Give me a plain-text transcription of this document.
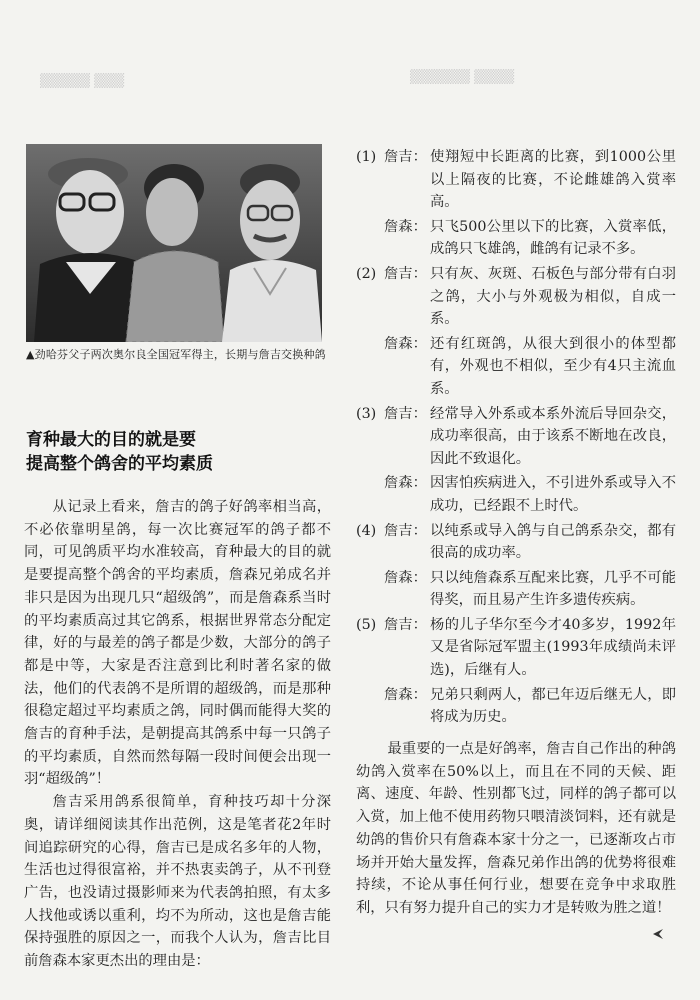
▒▒▒▒ ▒▒▒▒▒▒
▒▒▒ ▒▒▒▒▒
▲劲哈芬父子两次奥尔良全国冠军得主，长期与詹吉交换种鸽
育种最大的目的就是要
提高整个鸽舍的平均素质

从记录上看来，詹吉的鸽子好鸽率相当高，不必依靠明星鸽，每一次比赛冠军的鸽子都不同，可见鸽质平均水准较高，育种最大的目的就是要提高整个鸽舍的平均素质，詹森兄弟成名并非只是因为出现几只“超级鸽”，而是詹森系当时的平均素质高过其它鸽系，根据世界常态分配定律，好的与最差的鸽子都是少数，大部分的鸽子都是中等，大家是否注意到比利时著名家的做法，他们的代表鸽不是所谓的超级鸽，而是那种很稳定超过平均素质之鸽，同时偶而能得大奖的詹吉的育种手法，是朝提高其鸽系中每一只鸽子的平均素质，自然而然每隔一段时间便会出现一羽“超级鸽”！

詹吉采用鸽系很简单，育种技巧却十分深奥，请详细阅读其作出范例，这是笔者花2年时间追踪研究的心得，詹吉已是成名多年的人物，生活也过得很富裕，并不热衷卖鸽子，从不刊登广告，也没请过摄影师来为代表鸽拍照，有太多人找他或诱以重利，均不为所动，这也是詹吉能保持强胜的原因之一，而我个人认为，詹吉比目前詹森本家更杰出的理由是：

(1) 詹吉： 使翔短中长距离的比赛，到1000公里以上隔夜的比赛，不论雌雄鸽入赏率高。
詹森： 只飞500公里以下的比赛，入赏率低，成鸽只飞雄鸽，雌鸽有记录不多。
(2) 詹吉： 只有灰、灰斑、石板色与部分带有白羽之鸽，大小与外观极为相似，自成一系。
詹森： 还有红斑鸽，从很大到很小的体型都有，外观也不相似，至少有4只主流血系。
(3) 詹吉： 经常导入外系或本系外流后导回杂交，成功率很高，由于该系不断地在改良，因此不致退化。
詹森： 因害怕疾病进入，不引进外系或导入不成功，已经跟不上时代。
(4) 詹吉： 以纯系或导入鸽与自己鸽系杂交，都有很高的成功率。
詹森： 只以纯詹森系互配来比赛，几乎不可能得奖，而且易产生许多遗传疾病。
(5) 詹吉： 杨的儿子华尔至今才40多岁，1992年又是省际冠军盟主(1993年成绩尚未评选)，后继有人。
詹森： 兄弟只剩两人，都已年迈后继无人，即将成为历史。

最重要的一点是好鸽率，詹吉自己作出的种鸽幼鸽入赏率在50%以上，而且在不同的天候、距离、速度、年龄、性别都飞过，同样的鸽子都可以入赏，加上他不使用药物只喂清淡饲料，还有就是幼鸽的售价只有詹森本家十分之一，已逐渐攻占市场并开始大量发挥，詹森兄弟作出鸽的优势将很难持续，不论从事任何行业，想要在竞争中求取胜利，只有努力提升自己的实力才是转败为胜之道！
